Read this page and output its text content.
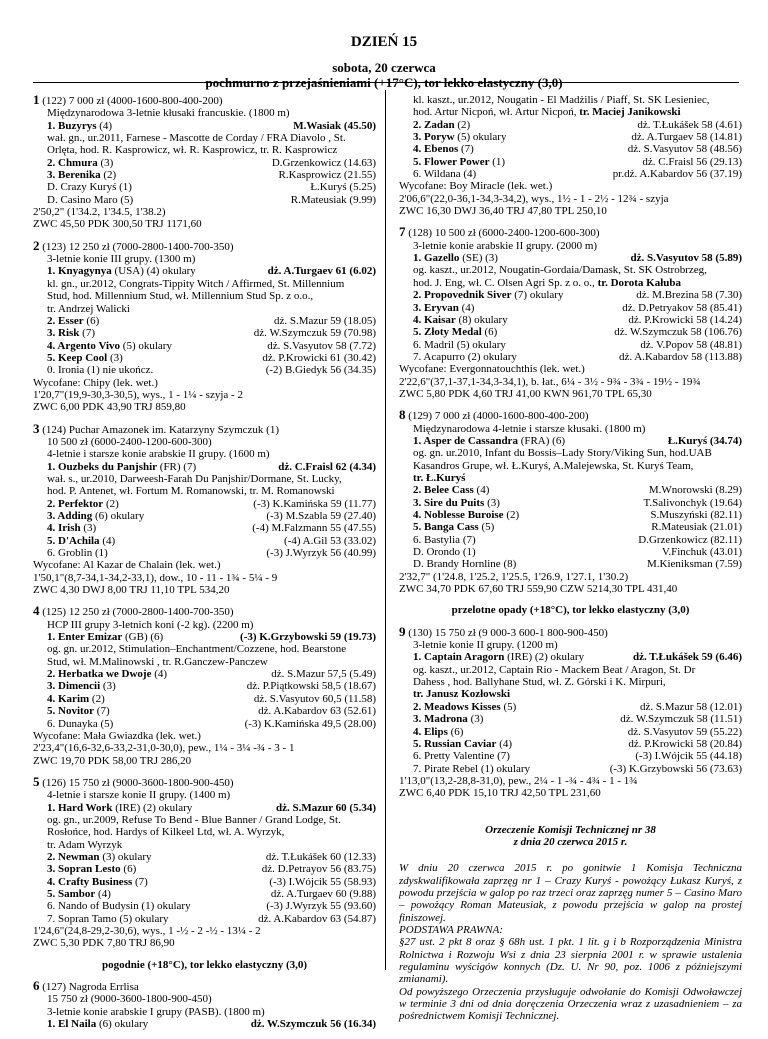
DZIEŃ 15
sobota, 20 czerwca
pochmurno z przejaśnieniami (+17°C), tor lekko elastyczny (3,0)
1 (122) 7 000 zł (4000-1600-800-400-200)
Międzynarodowa 3-letnie kłusaki francuskie. (1800 m)
1. Buzyrys (4)	M.Wasiak (45.50)
wał. gn., ur.2011, Farnese - Mascotte de Corday / FRA Diavolo , St.
Orlęta, hod. R. Kasprowicz, wł. R. Kasprowicz, tr. R. Kasprowicz
2. Chmura (3)	D.Grzenkowicz (14.63)
3. Berenika (2)	R.Kasprowicz (21.55)
D. Crazy Kuryś (1)	Ł.Kuryś (5.25)
D. Casino Maro (5)	R.Mateusiak (9.99)
2'50,2" (1'34.2, 1'34.5, 1'38.2)
ZWC 45,50 PDK 300,50 TRJ 1171,60
2 (123) 12 250 zł (7000-2800-1400-700-350)
3-letnie konie III grupy. (1300 m)
1. Knyagynya (USA) (4) okulary	dż. A.Turgaev 61 (6.02)
kl. gn., ur.2012, Congrats-Tippity Witch / Affirmed, St. Millennium
Stud, hod. Millennium Stud, wł. Millennium Stud Sp. z o.o.,
tr. Andrzej Walicki
2. Esser (6)	dż. S.Mazur 59 (18.05)
3. Risk (7)	dż. W.Szymczuk 59 (70.98)
4. Argento Vivo (5) okulary	dż. S.Vasyutov 58 (7.72)
5. Keep Cool (3)	dż. P.Krowicki 61 (30.42)
0. Ironia (1) nie ukończ.	(-2) B.Giedyk 56 (34.35)
Wycofane: Chipy (lek. wet.)
1'20,7"(19,9-30,3-30,5), wys., 1 - 1¼ - szyja - 2
ZWC 6,00 PDK 43,90 TRJ 859,80
3 (124) Puchar Amazonek im. Katarzyny Szymczuk (1)
10 500 zł (6000-2400-1200-600-300)
4-letnie i starsze konie arabskie II grupy. (1600 m)
1. Ouzbeks du Panjshir (FR) (7)	dż. C.Fraisl 62 (4.34)
wał. s., ur.2010, Darweesh-Farah Du Panjshir/Dormane, St. Lucky,
hod. P. Antenet, wł. Fortum M. Romanowski, tr. M. Romanowski
2. Perfektor (2)	(-3) K.Kamińska 59 (11.77)
3. Adding (6) okulary	(-3) M.Szabla 59 (27.40)
4. Irish (3)	(-4) M.Falzmann 55 (47.55)
5. D'Achila (4)	(-4) A.Gil 53 (33.02)
6. Groblin (1)	(-3) J.Wyrzyk 56 (40.99)
Wycofane: Al Kazar de Chalain (lek. wet.)
1'50,1"(8,7-34,1-34,2-33,1), dow., 10 - 11 - 1¾ - 5¼ - 9
ZWC 4,30 DWJ 8,00 TRJ 11,10 TPL 534,20
4 (125) 12 250 zł (7000-2800-1400-700-350)
HCP III grupy 3-letnich koni (-2 kg). (2200 m)
1. Enter Emizar (GB) (6)	(-3) K.Grzybowski 59 (19.73)
og. gn. ur.2012, Stimulation–Enchantment/Cozzene, hod. Bearstone
Stud, wł. M.Malinowski , tr. R.Ganczew-Panczew
2. Herbatka we Dwoje (4)	dż. S.Mazur 57,5 (5.49)
3. Dimencii (3)	dż. P.Piątkowski 58,5 (18.67)
4. Karim (2)	dż. S.Vasyutov 60,5 (11.58)
5. Novitor (7)	dż. A.Kabardov 63 (52.61)
6. Dunayka (5)	(-3) K.Kamińska 49,5 (28.00)
Wycofane: Mała Gwiazdka (lek. wet.)
2'23,4"(16,6-32,6-33,2-31,0-30,0), pew., 1¼ - 3¼ -¾ - 3 - 1
ZWC 19,70 PDK 58,00 TRJ 286,20
5 (126) 15 750 zł (9000-3600-1800-900-450)
4-letnie i starsze konie II grupy. (1400 m)
1. Hard Work (IRE) (2) okulary	dż. S.Mazur 60 (5.34)
og. gn., ur.2009, Refuse To Bend - Blue Banner / Grand Lodge, St.
Rosłońce, hod. Hardys of Kilkeel Ltd, wł. A. Wyrzyk,
tr. Adam Wyrzyk
2. Newman (3) okulary	dż. T.Łukášek 60 (12.33)
3. Sopran Lesto (6)	dż. D.Petrayov 56 (83.75)
4. Crafty Business (7)	(-3) I.Wójcik 55 (58.93)
5. Sambor (4)	dż. A.Turgaev 60 (9.88)
6. Nando of Budysin (1) okulary	(-3) J.Wyrzyk 55 (93.60)
7. Sopran Tamo (5) okulary	dż. A.Kabardov 63 (54.87)
1'24,6"(24,8-29,2-30,6), wys., 1 -½ - 2 -½ - 13¼ - 2
ZWC 5,30 PDK 7,80 TRJ 86,90
pogodnie (+18°C), tor lekko elastyczny (3,0)
6 (127) Nagroda Errlisa
15 750 zł (9000-3600-1800-900-450)
3-letnie konie arabskie I grupy (PASB). (1800 m)
1. El Naila (6) okulary	dż. W.Szymczuk 56 (16.34)
kl. kaszt., ur.2012, Nougatin - El Madżilis / Piaff, St. SK Lesieniec,
hod. Artur Nicpoń, wł. Artur Nicpoń, tr. Maciej Janikowski
2. Zadan (2)	dż. T.Łukášek 58 (4.61)
3. Poryw (5) okulary	dż. A.Turgaev 58 (14.81)
4. Ebenos (7)	dż. S.Vasyutov 58 (48.56)
5. Flower Power (1)	dż. C.Fraisl 56 (29.13)
6. Wildana (4)	pr.dż. A.Kabardov 56 (37.19)
Wycofane: Boy Miracle (lek. wet.)
2'06,6"(22,0-36,1-34,3-34,2), wys., 1½ - 1 - 2½ - 12¾ - szyja
ZWC 16,30 DWJ 36,40 TRJ 47,80 TPL 250,10
7 (128) 10 500 zł (6000-2400-1200-600-300)
3-letnie konie arabskie II grupy. (2000 m)
1. Gazello (SE) (3)	dż. S.Vasyutov 58 (5.89)
og. kaszt., ur.2012, Nougatin-Gordaia/Damask, St. SK Ostrobrzeg,
hod. J. Eng, wł. C. Olsen Agri Sp. z o. o., tr. Dorota Kałuba
2. Propovednik Siver (7) okulary	dż. M.Brezina 58 (7.30)
3. Eryvan (4)	dż. D.Petryakov 58 (85.41)
4. Kaisar (8) okulary	dż. P.Krowicki 58 (14.24)
5. Złoty Medal (6)	dż. W.Szymczuk 58 (106.76)
6. Madril (5) okulary	dż. V.Popov 58 (48.81)
7. Acapurro (2) okulary	dż. A.Kabardov 58 (113.88)
Wycofane: Evergonnatouchthis (lek. wet.)
2'22,6"(37,1-37,1-34,3-34,1), b. łat., 6¼ - 3½ - 9¾ - 3¾ - 19½ - 19¾
ZWC 5,80 PDK 4,60 TRJ 41,00 KWN 961,70 TPL 65,30
8 (129) 7 000 zł (4000-1600-800-400-200)
Międzynarodowa 4-letnie i starsze kłusaki. (1800 m)
1. Asper de Cassandra (FRA) (6)	Ł.Kuryś (34.74)
og. gn. ur.2010, Infant du Bossis–Lady Story/Viking Sun, hod.UAB
Kasandros Grupe, wł. Ł.Kuryś, A.Malejewska, St. Kuryś Team,
tr. Ł.Kuryś
2. Belee Cass (4)	M.Wnorowski (8.29)
3. Sire du Puits (3)	T.Salivonchyk (19.64)
4. Noblesse Buroise (2)	S.Muszyński (82.11)
5. Banga Cass (5)	R.Mateusiak (21.01)
6. Bastylia (7)	D.Grzenkowicz (82.11)
D. Orondo (1)	V.Finchuk (43.01)
D. Brandy Hornline (8)	M.Kieniksman (7.59)
2'32,7" (1'24.8, 1'25.2, 1'25.5, 1'26.9, 1'27.1, 1'30.2)
ZWC 34,70 PDK 67,60 TRJ 559,90 CZW 5214,30 TPL 431,40
przelotne opady (+18°C), tor lekko elastyczny (3,0)
9 (130) 15 750 zł (9 000-3 600-1 800-900-450)
3-letnie konie II grupy. (1200 m)
1. Captain Aragorn (IRE) (2) okulary	dż. T.Łukášek 59 (6.46)
og. kaszt., ur.2012, Captain Rio - Mackem Beat / Aragon, St. Dr
Dahess , hod. Ballyhane Stud, wł. Z. Górski i K. Mirpuri,
tr. Janusz Kozłowski
2. Meadows Kisses (5)	dż. S.Mazur 58 (12.01)
3. Madrona (3)	dż. W.Szymczuk 58 (11.51)
4. Elips (6)	dż. S.Vasyutov 59 (55.22)
5. Russian Caviar (4)	dż. P.Krowicki 58 (20.84)
6. Pretty Valentine (7)	(-3) I.Wójcik 55 (44.18)
7. Pirate Rebel (1) okulary	(-3) K.Grzybowski 56 (73.63)
1'13,0"(13,2-28,8-31,0), pew., 2¼ - 1 -¾ - 4¾ - 1 - 1¾
ZWC 6,40 PDK 15,10 TRJ 42,50 TPL 231,60
Orzeczenie Komisji Technicznej nr 38
z dnia 20 czerwca 2015 r.
W dniu 20 czerwca 2015 r. po gonitwie 1 Komisja Techniczna zdyskwalifikowała zaprzęg nr 1 – Crazy Kuryś - powożący Łukasz Kuryś, z powodu przejścia w galop po raz trzeci oraz zaprzęg numer 5 – Casino Maro – powożący Roman Mateusiak, z powodu przejścia w galop na prostej finiszowej.
PODSTAWA PRAWNA:
§27 ust. 2 pkt 8 oraz § 68h ust. 1 pkt. 1 lit. g i b Rozporządzenia Ministra Rolnictwa i Rozwoju Wsi z dnia 23 sierpnia 2001 r. w sprawie ustalenia regulaminu wyścigów konnych (Dz. U. Nr 90, poz. 1006 z późniejszymi zmianami).
Od powyższego Orzeczenia przysługuje odwołanie do Komisji Odwoławczej w terminie 3 dni od dnia doręczenia Orzeczenia wraz z uzasadnieniem – za pośrednictwem Komisji Technicznej.
